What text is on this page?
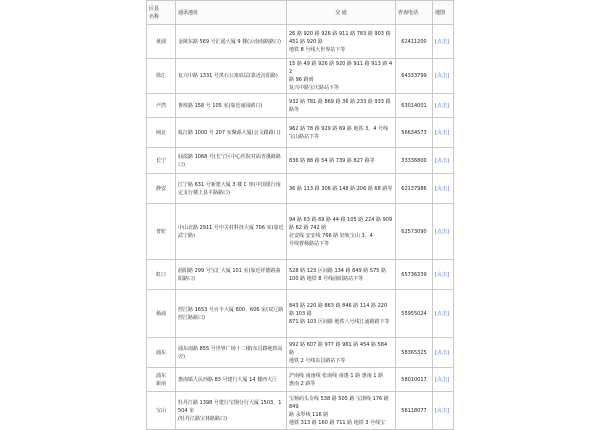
区县
名称	通讯地址	交 通	咨询电话	地图
黄浦	金陵东路 569 号汇通大厦 9 楼(云南南路路口)	26 路 920 路 926 路 911 路 783 路 903 路
451 路 920 路
地铁 8 号线大世界站下等	62411200	[点击]
徐汇	复兴中路 1331 号黑石公寓底层(靠近汾阳路)	15 路 49 路 926 路 920 路 911 路 913 路 42
路 96 路到
复兴中路宝庆路站下等	64333799	[点击]
卢湾	鲁班路 158 号 105 室(靠近丽园路口)	932 路 781 路 869 路 36 路 233 路 933 路
路等	63014001	[点击]
闸北	虬江路 1000 号 207 室聚源大厦(会文路路口)	962 路 78 路 929 路 69 路 地铁 3、4 号线
宝山路站下等	56634573	[点击]
长宁	仙霞路 1068 号(长宁区中心医院对面青溪路路口)	836 路 88 路 54 路 739 路 827 路等	33336800	[点击]
静安	江宁路 631 号新建大厦 3 楼 C 座(中国银行南定支行楼上县平路路口)	36 路 113 路 306 路 148 路 206 路 68 路等	62137986	[点击]
普陀	中山北路 2911 号中关村科技大厦 706 室(靠近武宁路)	94 路 63 路 69 路 44 路 105 路 224 路 909
路 62 路 742 路
北安线 安安线 766 路 轻轨宝山 3、4
号线曹杨路站下等	62573090	[点击]
虹口	曲阳路 299 号宝汇大厦 101 室(靠近祥德路曲阳路口)	528 路 123 区间路 134 路 849 路 575 路
100 路 地铁 8 号线曲阳路站下等	65736339	[点击]
杨浦	控江路 1653 号百丰大厦 600、606 室(双辽路控江路路口)	843 路 220 路 863 路 846 路 114 路 220
路 103 路
871 路 103 区间路 地铁八号线江浦路路下等	55955024	[点击]
浦东	浦东南路 855 号世界广场十二楼(东昌路地铁站旁)	992 路 607 路 977 路 961 路 454 路 584 路
地铁 2 号线东昌路站下等	58365325	[点击]
浦东
新南	惠南镇人民西路 83 号建行大厦 14 楼西大厅	沪南线 南南线 张南线 南惠 1 路 惠南 1 路
惠南 2 路等	58010017	[点击]
宝山	牡丹江路 1398 号建行宝钢分行大厦 1503、1504 室
(牡丹江路宝林路路口)	宝杨码头专线 538 路 505 路 宝浏线 176 路 849
路 永罗线 116 路
地铁 313 路 160 路 711 路 地铁 3 号线宝	56118077	[点击]
